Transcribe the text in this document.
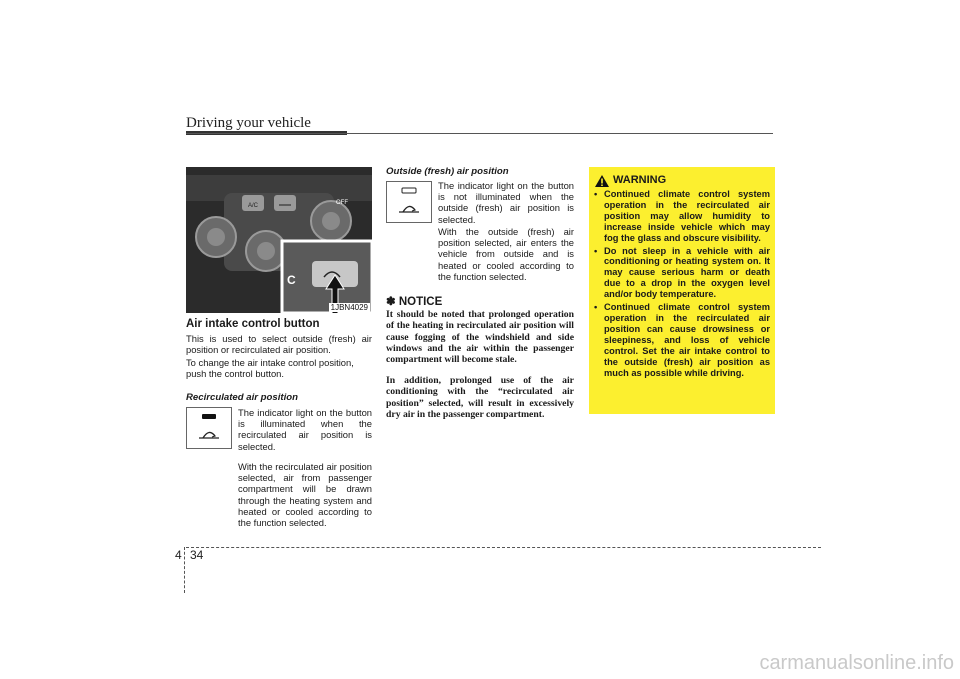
Driving your vehicle
A/C	OFF
C
1JBN4029
Air intake control button
This is used to select outside (fresh) air position or recirculated air position.
To change the air intake control position, push the control button.
Recirculated air position
The indicator light on the button is illuminated when the recirculated air position is selected.
With the recirculated air position selected, air from passenger compartment will be drawn through the heating system and heated or cooled according to the function selected.
Outside (fresh) air position
The indicator light on the button is not illuminated when the outside (fresh) air position is selected.
With the outside (fresh) air position selected, air enters the vehicle from outside and is heated or cooled according to the function selected.
✽ NOTICE
It should be noted that prolonged operation of the heating in recirculated air position will cause fogging of the windshield and side windows and the air within the passenger compartment will become stale.
In addition, prolonged use of the air conditioning with the “recirculated air position” selected, will result in excessively dry air in the passenger compartment.
WARNING
• Continued climate control system operation in the recirculated air position may allow humidity to increase inside vehicle which may fog the glass and obscure visibility.
• Do not sleep in a vehicle with air conditioning or heating system on. It may cause serious harm or death due to a drop in the oxygen level and/or body temperature.
• Continued climate control system operation in the recirculated air position can cause drowsiness or sleepiness, and loss of vehicle control. Set the air intake control to the outside (fresh) air position as much as possible while driving.
4 34
carmanualsonline.info
